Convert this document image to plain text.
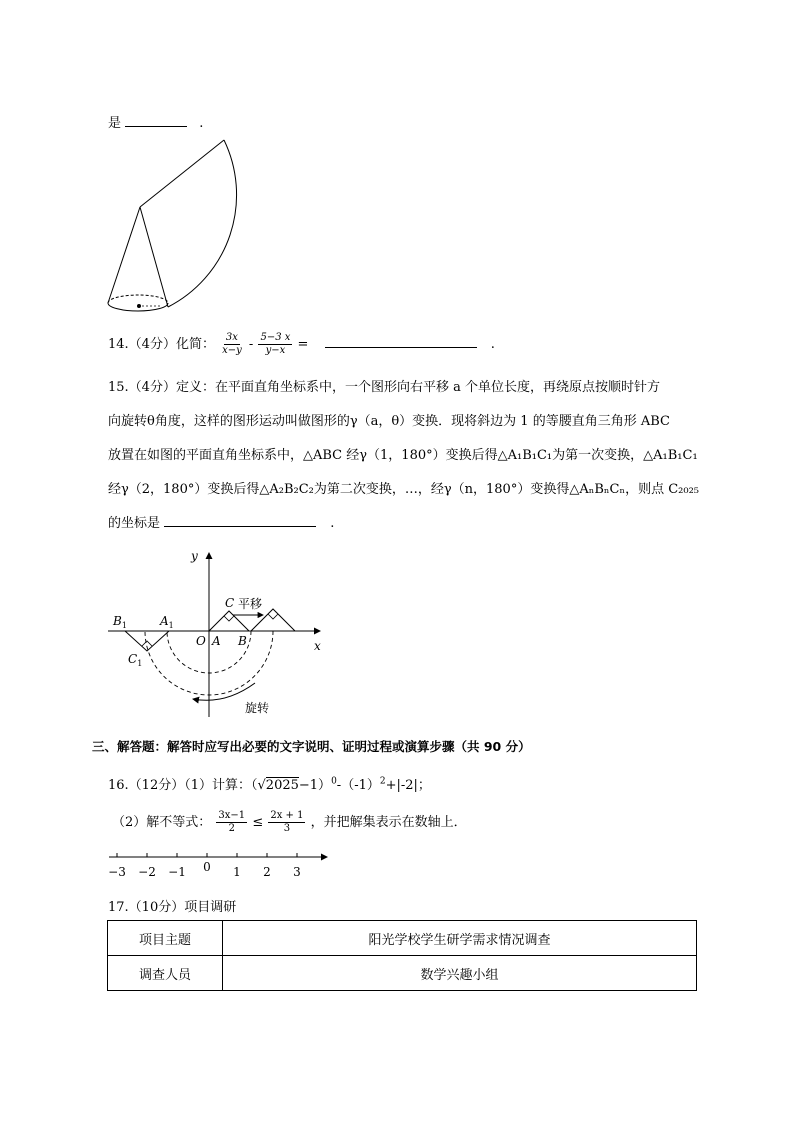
是	.
14.（4分）化简： $\frac{3x}{x-y} - \frac{5-3 x}{y-x}$ =	.
15.（4分）定义：在平面直角坐标系中，一个图形向右平移 a 个单位长度，再绕原点按顺时针方
向旋转θ角度，这样的图形运动叫做图形的γ（a，θ）变换．现将斜边为 1 的等腰直角三角形 ABC
放置在如图的平面直角坐标系中，△ABC 经γ（1，180°）变换后得△A₁B₁C₁为第一次变换，△A₁B₁C₁
经γ（2，180°）变换后得△A₂B₂C₂为第二次变换，…，经γ（n，180°）变换得△AₙBₙCₙ，则点 C₂₀₂₅
的坐标是	.
y
x
O A B
C 平移
$B_1$	$A_1$
$C_1$
旋转
三、解答题：解答时应写出必要的文字说明、证明过程或演算步骤（共 90 分）
16.（12分）（1）计算：$(√2025-1)^0-(-1)^2+|-2|$；
（2）解不等式： $\frac{3x-1}{2} \le \frac{2x + 1}{3}$ ，并把解集表示在数轴上．
−3 −2 −1 0 1 2 3
17.（10分）项目调研
项目主题	阳光学校学生研学需求情况调查
调查人员	数学兴趣小组
